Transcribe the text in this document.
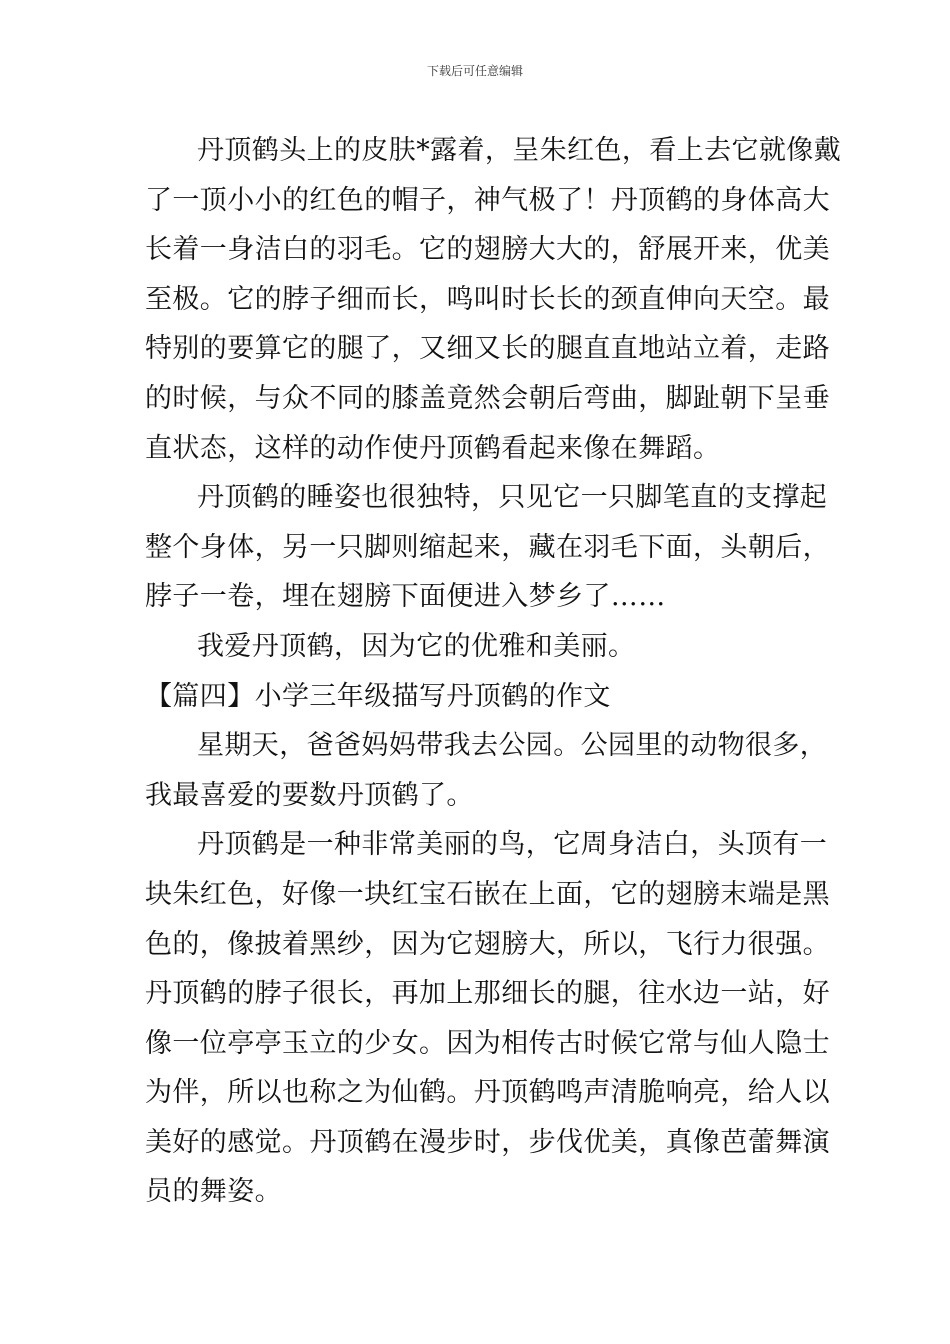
下载后可任意编辑
丹顶鹤头上的皮肤*露着，呈朱红色，看上去它就像戴
了一顶小小的红色的帽子，神气极了！丹顶鹤的身体高大
长着一身洁白的羽毛。它的翅膀大大的，舒展开来，优美
至极。它的脖子细而长，鸣叫时长长的颈直伸向天空。最
特别的要算它的腿了，又细又长的腿直直地站立着，走路
的时候，与众不同的膝盖竟然会朝后弯曲，脚趾朝下呈垂
直状态，这样的动作使丹顶鹤看起来像在舞蹈。
丹顶鹤的睡姿也很独特，只见它一只脚笔直的支撑起
整个身体，另一只脚则缩起来，藏在羽毛下面，头朝后，
脖子一卷，埋在翅膀下面便进入梦乡了……
我爱丹顶鹤，因为它的优雅和美丽。
【篇四】小学三年级描写丹顶鹤的作文
星期天，爸爸妈妈带我去公园。公园里的动物很多，
我最喜爱的要数丹顶鹤了。
丹顶鹤是一种非常美丽的鸟，它周身洁白，头顶有一
块朱红色，好像一块红宝石嵌在上面，它的翅膀末端是黑
色的，像披着黑纱，因为它翅膀大，所以，飞行力很强。
丹顶鹤的脖子很长，再加上那细长的腿，往水边一站，好
像一位亭亭玉立的少女。因为相传古时候它常与仙人隐士
为伴，所以也称之为仙鹤。丹顶鹤鸣声清脆响亮，给人以
美好的感觉。丹顶鹤在漫步时，步伐优美，真像芭蕾舞演
员的舞姿。
